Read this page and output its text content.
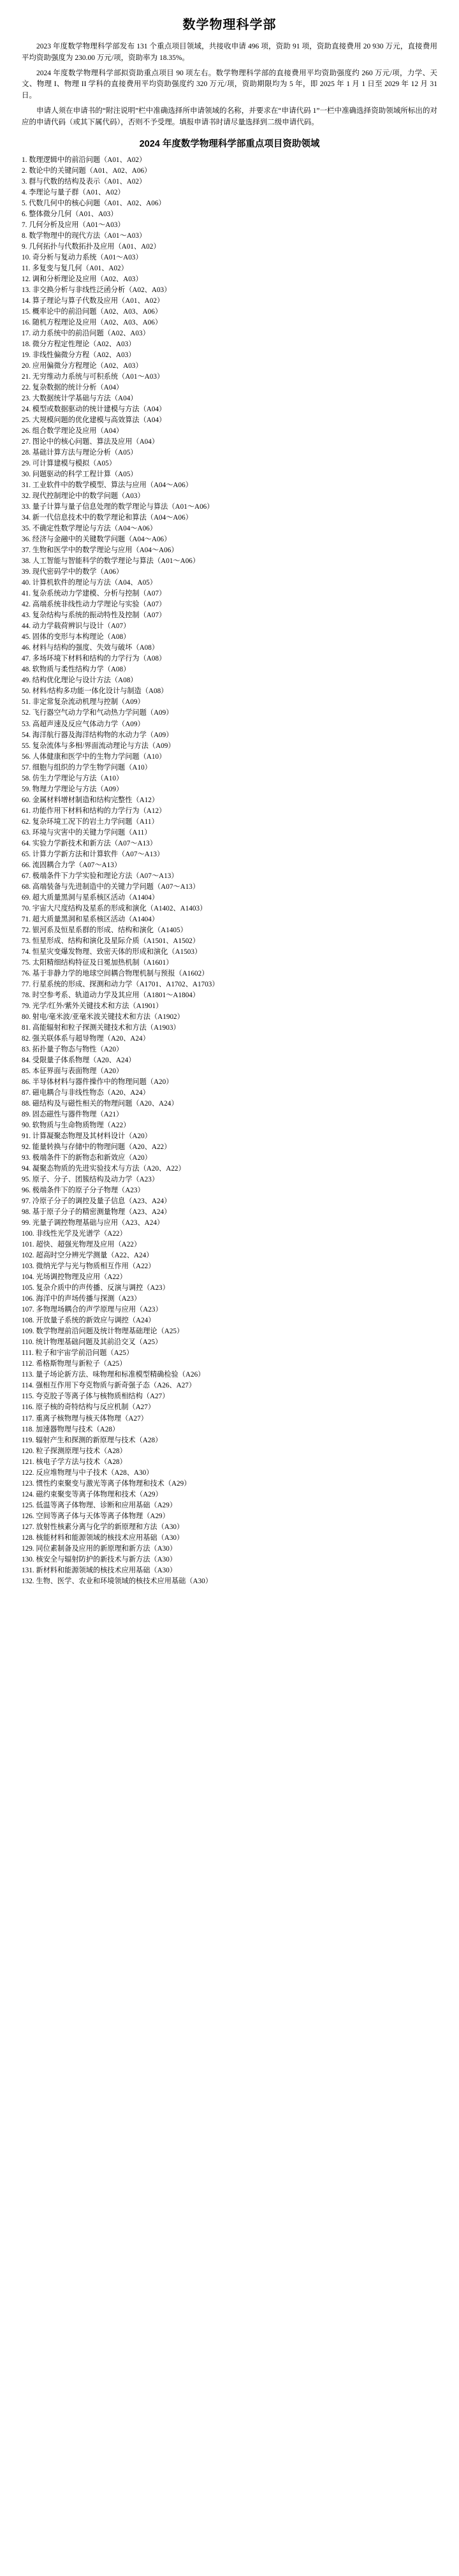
数学物理科学部

2023 年度数学物理科学部发布 131 个重点项目领域，共接收申请 496 项，资助 91 项，资助直接费用 20 930 万元，直接费用平均资助强度为 230.00 万元/项，资助率为 18.35%。

2024 年度数学物理科学部拟资助重点项目 90 项左右。数学物理科学部的直接费用平均资助强度约 260 万元/项，力学、天文、物理 I、物理 II 学科的直接费用平均资助强度约 320 万元/项，资助期限均为 5 年，即 2025 年 1 月 1 日至 2029 年 12 月 31 日。

申请人须在申请书的“附注说明”栏中准确选择所申请领域的名称，并要求在“申请代码 1”一栏中准确选择资助领域所标出的对应的申请代码（或其下属代码），否则不予受理。填报申请书时请尽量选择到二级申请代码。

2024 年度数学物理科学部重点项目资助领域
1. 数理逻辑中的前沿问题（A01、A02）
2. 数论中的关键问题（A01、A02、A06）
3. 群与代数的结构及表示（A01、A02）
4. 李理论与量子群（A01、A02）
5. 代数几何中的核心问题（A01、A02、A06）
6. 整体微分几何（A01、A03）
7. 几何分析及应用（A01～A03）
8. 数学物理中的现代方法（A01～A03）
9. 几何拓扑与代数拓扑及应用（A01、A02）
10. 奇分析与复动力系统（A01～A03）
11. 多复变与复几何（A01、A02）
12. 调和分析理论及应用（A02、A03）
13. 非交换分析与非线性泛函分析（A02、A03）
14. 算子理论与算子代数及应用（A01、A02）
15. 概率论中的前沿问题（A02、A03、A06）
16. 随机方程理论及应用（A02、A03、A06）
17. 动力系统中的前沿问题（A02、A03）
18. 微分方程定性理论（A02、A03）
19. 非线性偏微分方程（A02、A03）
20. 应用偏微分方程理论（A02、A03）
21. 无穷维动力系统与可积系统（A01～A03）
22. 复杂数据的统计分析（A04）
23. 大数据统计学基础与方法（A04）
24. 模型或数据驱动的统计建模与方法（A04）
25. 大规模问题的优化建模与高效算法（A04）
26. 组合数学理论及应用（A04）
27. 图论中的核心问题、算法及应用（A04）
28. 基础计算方法与理论分析（A05）
29. 可计算建模与模拟（A05）
30. 问题驱动的科学工程计算（A05）
31. 工业软件中的数学模型、算法与应用（A04～A06）
32. 现代控制理论中的数学问题（A03）
33. 量子计算与量子信息处理的数学理论与算法（A01～A06）
34. 新一代信息技术中的数学理论和算法（A04～A06）
35. 不确定性数学理论与方法（A04～A06）
36. 经济与金融中的关键数学问题（A04～A06）
37. 生物和医学中的数学理论与应用（A04～A06）
38. 人工智能与智能科学的数学理论与算法（A01～A06）
39. 现代密码学中的数学（A06）
40. 计算机软件的理论与方法（A04、A05）
41. 复杂系统动力学建模、分析与控制（A07）
42. 高端系统非线性动力学理论与实验（A07）
43. 复杂结构与系统的振动特性及控制（A07）
44. 动力学载荷辨识与设计（A07）
45. 固体的变形与本构理论（A08）
46. 材料与结构的强度、失效与破坏（A08）
47. 多场环境下材料和结构的力学行为（A08）
48. 软物质与柔性结构力学（A08）
49. 结构优化理论与设计方法（A08）
50. 材料/结构多功能一体化设计与制造（A08）
51. 非定常复杂流动机理与控制（A09）
52. 飞行器空气动力学和气动热力学问题（A09）
53. 高超声速及反应气体动力学（A09）
54. 海洋航行器及海洋结构物的水动力学（A09）
55. 复杂流体与多相/界面流动理论与方法（A09）
56. 人体健康和医学中的生物力学问题（A10）
57. 细胞与组织的力学生物学问题（A10）
58. 仿生力学理论与方法（A10）
59. 物理力学理论与方法（A09）
60. 金属材料增材制造和结构完整性（A12）
61. 功能作用下材料和结构的力学行为（A12）
62. 复杂环境工况下的岩土力学问题（A11）
63. 环境与灾害中的关键力学问题（A11）
64. 实验力学新技术和新方法（A07～A13）
65. 计算力学新方法和计算软件（A07～A13）
66. 流固耦合力学（A07～A13）
67. 极端条件下力学实验和理论方法（A07～A13）
68. 高端装备与先进制造中的关键力学问题（A07～A13）
69. 超大质量黑洞与星系核区活动（A1404）
70. 宇宙大尺度结构及星系的形成和演化（A1402、A1403）
71. 超大质量黑洞和星系核区活动（A1404）
72. 银河系及恒星系群的形成、结构和演化（A1405）
73. 恒星形成、结构和演化及星际介质（A1501、A1502）
74. 恒星灾变爆发物理、致密天体的形成和演化（A1503）
75. 太阳精细结构特征及日冕加热机制（A1601）
76. 基于非静力学的地球空间耦合物理机制与预报（A1602）
77. 行星系统的形成、探测和动力学（A1701、A1702、A1703）
78. 时空参考系、轨道动力学及其应用（A1801～A1804）
79. 光学/红外/紫外关键技术和方法（A1901）
80. 射电/毫米波/亚毫米波关键技术和方法（A1902）
81. 高能辐射和粒子探测关键技术和方法（A1903）
82. 强关联体系与超导物理（A20、A24）
83. 拓扑量子物态与物性（A20）
84. 受限量子体系物理（A20、A24）
85. 本征界面与表面物理（A20）
86. 半导体材料与器件操作中的物理问题（A20）
87. 磁电耦合与非线性物态（A20、A24）
88. 磁结构及与磁性相关的物理问题（A20、A24）
89. 固态磁性与器件物理（A21）
90. 软物质与生命物质物理（A22）
91. 计算凝聚态物理及其材料设计（A20）
92. 能量转换与存储中的物理问题（A20、A22）
93. 极端条件下的新物态和新效应（A20）
94. 凝聚态物质的先进实验技术与方法（A20、A22）
95. 原子、分子、团簇结构及动力学（A23）
96. 极端条件下的原子分子物理（A23）
97. 冷原子分子的调控及量子信息（A23、A24）
98. 基于原子分子的精密测量物理（A23、A24）
99. 光量子调控物理基础与应用（A23、A24）
100. 非线性光学及光谱学（A22）
101. 超快、超强光物理及应用（A22）
102. 超高时空分辨光学测量（A22、A24）
103. 微纳光学与光与物质相互作用（A22）
104. 光场调控物理及应用（A22）
105. 复杂介质中的声传播、反演与调控（A23）
106. 海洋中的声场传播与探测（A23）
107. 多物理场耦合的声学原理与应用（A23）
108. 开放量子系统的新效应与调控（A24）
109. 数学物理前沿问题及统计物理基础理论（A25）
110. 统计物理基础问题及其前沿交叉（A25）
111. 粒子和宇宙学前沿问题（A25）
112. 希格斯物理与新粒子（A25）
113. 量子场论新方法、味物理和标准模型精确检验（A26）
114. 强相互作用下夸克物质与新奇强子态（A26、A27）
115. 夸克胶子等离子体与核物质相结构（A27）
116. 原子核的奇特结构与反应机制（A27）
117. 重离子核物理与核天体物理（A27）
118. 加速器物理与技术（A28）
119. 辐射产生和探测的新原理与技术（A28）
120. 粒子探测原理与技术（A28）
121. 核电子学方法与技术（A28）
122. 反应堆物理与中子技术（A28、A30）
123. 惯性约束聚变与激光等离子体物理和技术（A29）
124. 磁约束聚变等离子体物理和技术（A29）
125. 低温等离子体物理、诊断和应用基础（A29）
126. 空间等离子体与天体等离子体物理（A29）
127. 放射性核素分离与化学的新原理和方法（A30）
128. 核能材料和能源领域的核技术应用基础（A30）
129. 同位素制备及应用的新原理和新方法（A30）
130. 核安全与辐射防护的新技术与新方法（A30）
131. 新材料和能源领域的核技术应用基础（A30）
132. 生物、医学、农业和环境领域的核技术应用基础（A30）
